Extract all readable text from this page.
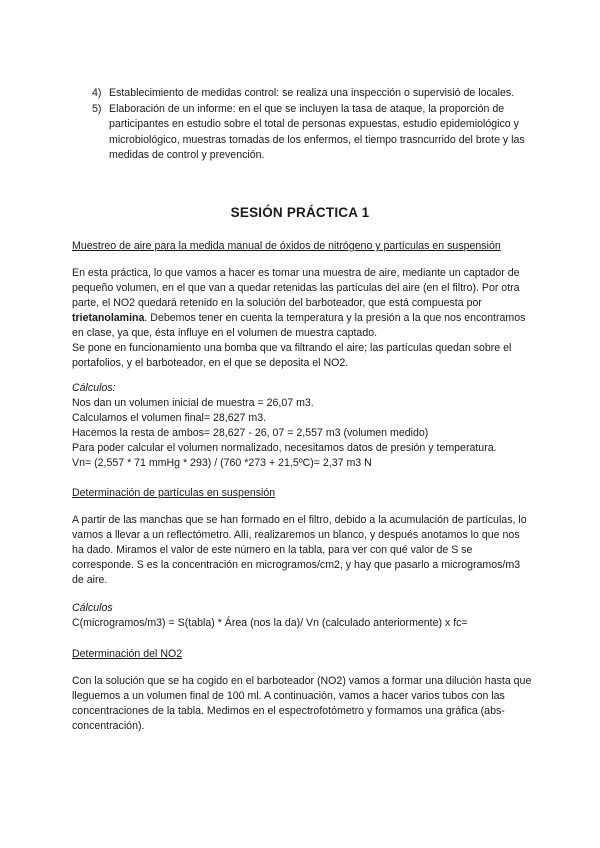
4) Establecimiento de medidas control: se realiza una inspección o supervisió de locales.
5) Elaboración de un informe: en el que se incluyen la tasa de ataque, la proporción de participantes en estudio sobre el total de personas expuestas, estudio epidemiológico y microbiológico, muestras tomadas de los enfermos, el tiempo trasncurrido del brote y las medidas de control y prevención.
SESIÓN PRÁCTICA 1
Muestreo de aire para la medida manual de óxidos de nitrógeno y partículas en suspensión

En esta práctica, lo que vamos a hacer es tomar una muestra de aire, mediante un captador de pequeño volumen, en el que van a quedar retenidas las partículas del aire (en el filtro). Por otra parte, el NO2 quedará retenido en la solución del barboteador, que está compuesta por trietanolamina. Debemos tener en cuenta la temperatura y la presión a la que nos encontramos en clase, ya que, ésta influye en el volumen de muestra captado.

Se pone en funcionamiento una bomba que va filtrando el aire; las partículas quedan sobre el portafolios, y el barboteador, en el que se deposita el NO2.

Cálculos:

Nos dan un volumen inicial de muestra = 26,07 m3.

Calculamos el volumen final= 28,627 m3.

Hacemos la resta de ambos= 28,627 - 26, 07 = 2,557 m3 (volumen medido)

Para poder calcular el volumen normalizado, necesitamos datos de presión y temperatura.

Vn= (2,557 * 71 mmHg * 293) / (760 *273 + 21,5ºC)= 2,37 m3 N

Determinación de partículas en suspensión
A partir de las manchas que se han formado en el filtro, debido a la acumulación de partículas, lo vamos a llevar a un reflectómetro. Allí, realizaremos un blanco, y después anotamos lo que nos ha dado. Miramos el valor de este número en la tabla, para ver con qué valor de S se corresponde. S es la concentración en microgramos/cm2, y hay que pasarlo a microgramos/m3 de aire.

Cálculos

C(microgramos/m3) = S(tabla) * Área (nos la da)/ Vn (calculado anteriormente) x fc=

Determinación del NO2
Con la solución que se ha cogido en el barboteador (NO2) vamos a formar una dilución hasta que lleguemos a un volumen final de 100 ml. A continuación, vamos a hacer varios tubos con las concentraciones de la tabla. Medimos en el espectrofotómetro y formamos una gráfica (abs-concentración).
